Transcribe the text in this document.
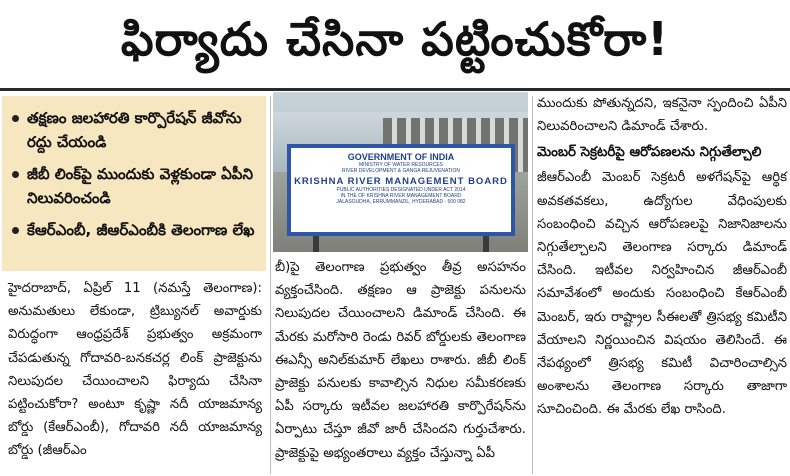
ఫిర్యాదు చేసినా పట్టించుకోరా!
తక్షణం జలహారతి కార్పొరేషన్ జీవోను రద్దు చేయండి
జీబీ లింక్‌పై ముందుకు వెళ్లకుండా ఏపీని నిలువరించండి
కేఆర్ఎంబీ, జీఆర్ఎంబీకి తెలంగాణ లేఖ
హైదరాబాద్, ఏప్రిల్ 11 (నమస్తే తెలంగాణ): అనుమతులు లేకుండా, ట్రిబ్యునల్ అవార్డుకు విరుద్ధంగా ఆంధ్రప్రదేశ్ ప్రభుత్వం అక్రమంగా చేపడుతున్న గోదావరి-బనకచర్ల లింక్ ప్రాజెక్టును నిలుపుదల చేయించాలని ఫిర్యాదు చేసినా పట్టించుకోరా? అంటూ కృష్ణా నదీ యాజమాన్య బోర్డు (కేఆర్ఎంబీ), గోదావరి నదీ యాజమాన్య బోర్డు (జీఆర్ఎం
GOVERNMENT OF INDIA
MINISTRY OF WATER RESOURCES
RIVER DEVELOPMENT & GANGA REJUVENATION
KRISHNA RIVER MANAGEMENT BOARD
PUBLIC AUTHORITIES DESIGNATED UNDER ACT 2014
IN THE OF KRISHNA RIVER MANAGEMENT BOARD
JALASOUDHA, ERRUMMANZIL, HYDERABAD - 500 082
బీ)పై తెలంగాణ ప్రభుత్వం తీవ్ర అసహనం వ్యక్తంచేసింది. తక్షణం ఆ ప్రాజెక్టు పనులను నిలుపుదల చేయించాలని డిమాండ్ చేసింది. ఈ మేరకు మరోసారి రెండు రివర్ బోర్డులకు తెలంగాణ ఈఎన్సీ అనిల్‌కుమార్ లేఖలు రాశారు. జీబీ లింక్ ప్రాజెక్టు పనులకు కావాల్సిన నిధుల సమీకరణకు ఏపీ సర్కారు ఇటీవల జలహారతి కార్పొరేషన్‌ను ఏర్పాటు చేస్తూ జీవో జారీ చేసిందని గుర్తుచేశారు. ప్రాజెక్టుపై అభ్యంతరాలు వ్యక్తం చేస్తున్నా ఏపీ
ముందుకు పోతున్నదని, ఇకనైనా స్పందించి ఏపీని నిలువరించాలని డిమాండ్ చేశారు.
మెంబర్ సెక్రటరీపై ఆరోపణలను నిగ్గుతేల్చాలి
జీఆర్ఎంబీ మెంబర్ సెక్రటరీ అళగేషన్‌పై ఆర్థిక అవకతవకలు, ఉద్యోగుల వేధింపులకు సంబంధించి వచ్చిన ఆరోపణలపై నిజానిజాలను నిగ్గుతేల్చాలని తెలంగాణ సర్కారు డిమాండ్ చేసింది. ఇటీవల నిర్వహించిన జీఆర్ఎంబీ సమావేశంలో అందుకు సంబంధించి కేఆర్ఎంబీ మెంబర్, ఇరు రాష్ట్రాల సీఈలతో త్రిసభ్య కమిటీని వేయాలని నిర్ణయించిన విషయం తెలిసిందే. ఈ నేపథ్యంలో త్రిసభ్య కమిటీ విచారించాల్సిన అంశాలను తెలంగాణ సర్కారు తాజాగా సూచించింది. ఈ మేరకు లేఖ రాసింది.
